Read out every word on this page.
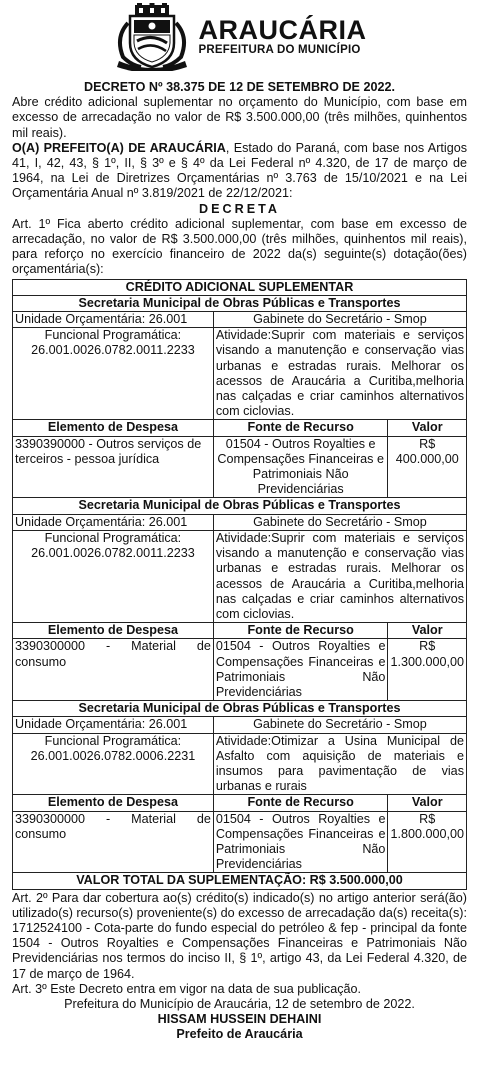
ARAUCÁRIA
PREFEITURA DO MUNICÍPIO
DECRETO Nº 38.375 DE 12 DE SETEMBRO DE 2022.

Abre crédito adicional suplementar no orçamento do Município, com base em excesso de arrecadação no valor de R$ 3.500.000,00 (três milhões, quinhentos mil reais).

O(A) PREFEITO(A) DE ARAUCÁRIA, Estado do Paraná, com base nos Artigos 41, I, 42, 43, § 1º, II, § 3º e § 4º da Lei Federal nº 4.320, de 17 de março de 1964, na Lei de Diretrizes Orçamentárias nº 3.763 de 15/10/2021 e na Lei Orçamentária Anual nº 3.819/2021 de 22/12/2021:

DECRETA

Art. 1º Fica aberto crédito adicional suplementar, com base em excesso de arrecadação, no valor de R$ 3.500.000,00 (três milhões, quinhentos mil reais), para reforço no exercício financeiro de 2022 da(s) seguinte(s) dotação(ões) orçamentária(s):

CRÉDITO ADICIONAL SUPLEMENTAR		
Secretaria Municipal de Obras Públicas e Transportes		
Unidade Orçamentária: 26.001	Gabinete do Secretário - Smop	

Funcional Programática:
26.001.0026.0782.0011.2233	Atividade:Suprir com materiais e serviços visando a manutenção e conservação vias urbanas e estradas rurais. Melhorar os acessos de Araucária a Curitiba,melhoria nas calçadas e criar caminhos alternativos com ciclovias.	
Elemento de Despesa	Fonte de Recurso	Valor
3390390000 - Outros serviços de terceiros - pessoa jurídica	01504 - Outros Royalties e Compensações Financeiras e Patrimoniais Não Previdenciárias	R$
400.000,00

Secretaria Municipal de Obras Públicas e Transportes		
Unidade Orçamentária: 26.001	Gabinete do Secretário - Smop	

Funcional Programática:
26.001.0026.0782.0011.2233	Atividade:Suprir com materiais e serviços visando a manutenção e conservação vias urbanas e estradas rurais. Melhorar os acessos de Araucária a Curitiba,melhoria nas calçadas e criar caminhos alternativos com ciclovias.	
Elemento de Despesa	Fonte de Recurso	Valor
3390300000 - Material de consumo	01504 - Outros Royalties e Compensações Financeiras e Patrimoniais Não Previdenciárias	R$
1.300.000,00

Secretaria Municipal de Obras Públicas e Transportes		
Unidade Orçamentária: 26.001	Gabinete do Secretário - Smop	

Funcional Programática:
26.001.0026.0782.0006.2231	Atividade:Otimizar a Usina Municipal de Asfalto com aquisição de materiais e insumos para pavimentação de vias urbanas e rurais	
Elemento de Despesa	Fonte de Recurso	Valor
3390300000 - Material de consumo	01504 - Outros Royalties e Compensações Financeiras e Patrimoniais Não Previdenciárias	R$
1.800.000,00

VALOR TOTAL DA SUPLEMENTAÇÃO: R$ 3.500.000,00		

Art. 2º Para dar cobertura ao(s) crédito(s) indicado(s) no artigo anterior será(ão) utilizado(s) recurso(s) proveniente(s) do excesso de arrecadação da(s) receita(s): 1712524100 - Cota-parte do fundo especial do petróleo & fep - principal da fonte 1504 - Outros Royalties e Compensações Financeiras e Patrimoniais Não Previdenciárias nos termos do inciso II, § 1º, artigo 43, da Lei Federal 4.320, de 17 de março de 1964.

Art. 3º Este Decreto entra em vigor na data de sua publicação.

Prefeitura do Município de Araucária, 12 de setembro de 2022.
HISSAM HUSSEIN DEHAINI
Prefeito de Araucária
